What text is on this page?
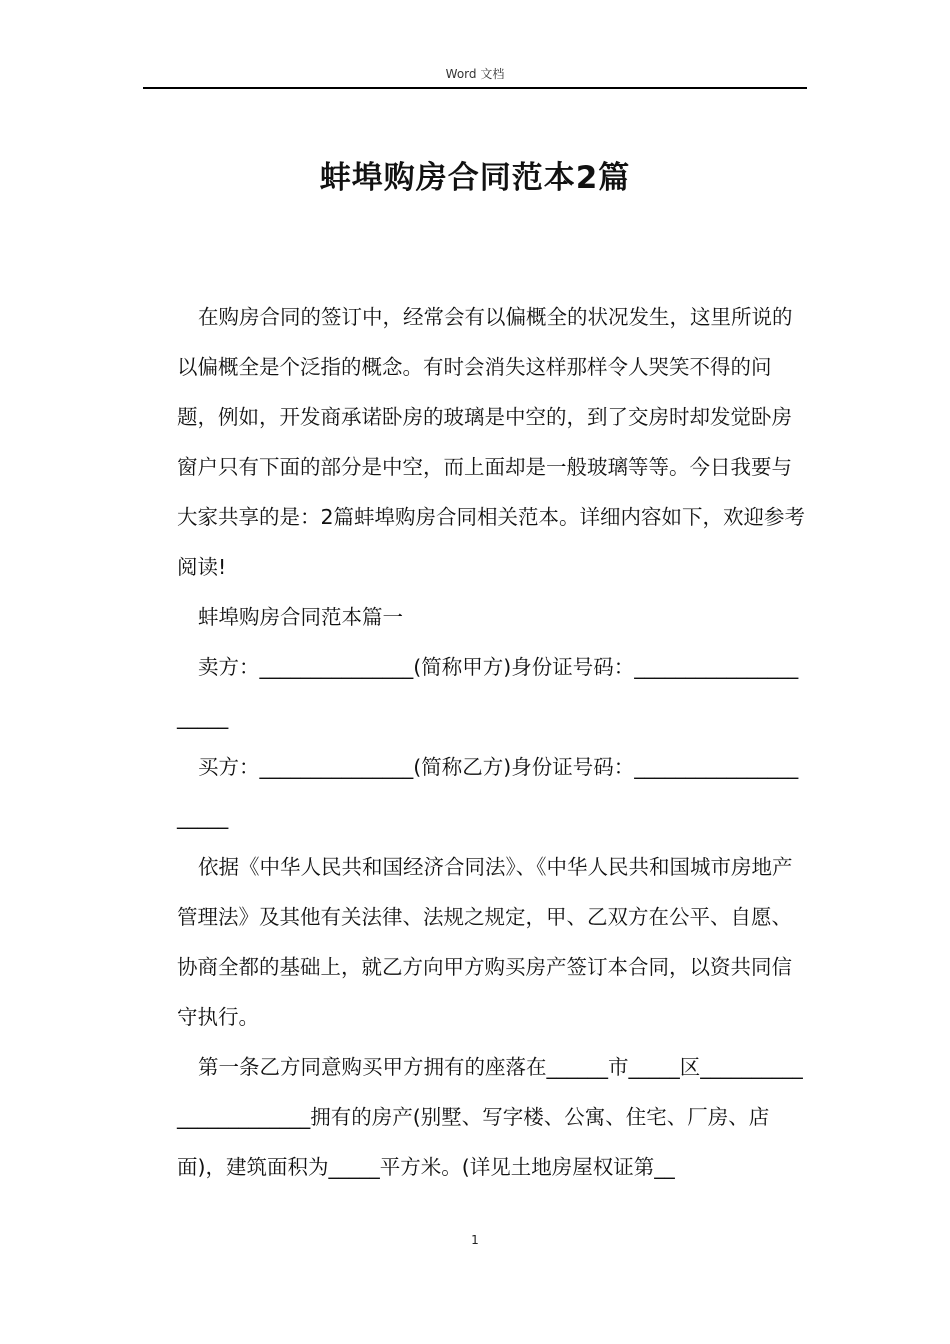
Word 文档
蚌埠购房合同范本2篇

在购房合同的签订中，经常会有以偏概全的状况发生，这里所说的以偏概全是个泛指的概念。有时会消失这样那样令人哭笑不得的问题，例如，开发商承诺卧房的玻璃是中空的，到了交房时却发觉卧房窗户只有下面的部分是中空，而上面却是一般玻璃等等。今日我要与大家共享的是：2篇蚌埠购房合同相关范本。详细内容如下，欢迎参考阅读!

蚌埠购房合同范本篇一

卖方：_______________(简称甲方)身份证号码：_____________________

买方：_______________(简称乙方)身份证号码：_____________________

依据《中华人民共和国经济合同法》、《中华人民共和国城市房地产管理法》及其他有关法律、法规之规定，甲、乙双方在公平、自愿、协商全都的基础上，就乙方向甲方购买房产签订本合同，以资共同信守执行。

第一条乙方同意购买甲方拥有的座落在______市_____区_______________________拥有的房产(别墅、写字楼、公寓、住宅、厂房、店面)，建筑面积为_____平方米。(详见土地房屋权证第__

1
